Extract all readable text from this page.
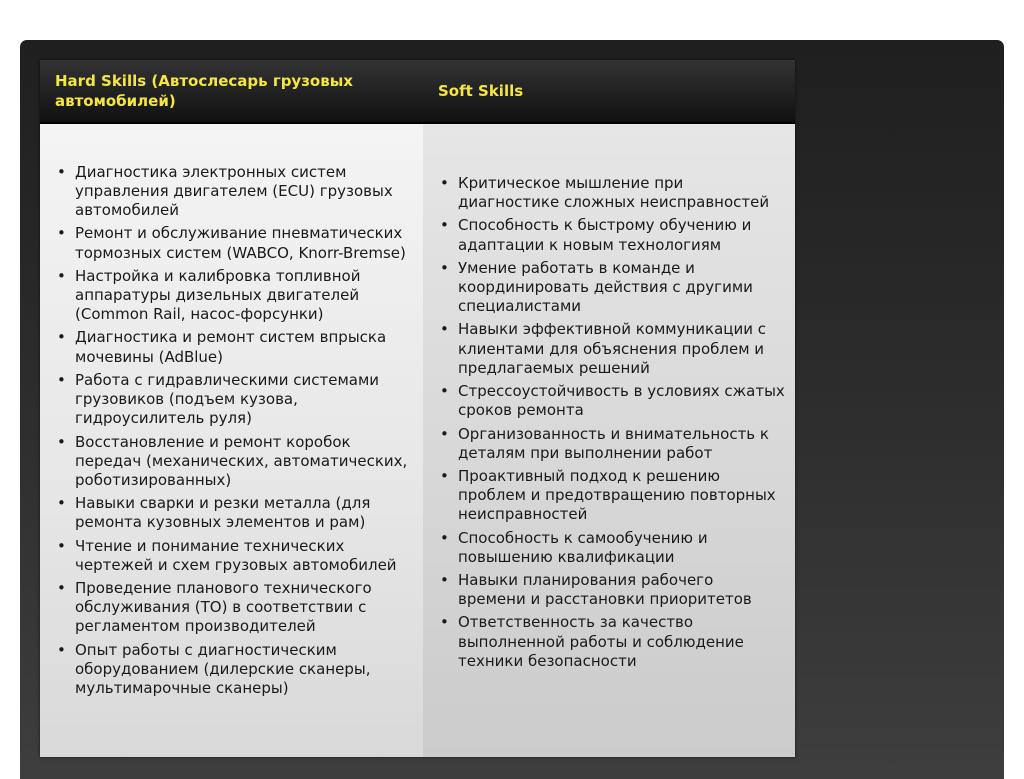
Hard Skills (Автослесарь грузовых автомобилей)
Soft Skills
• Диагностика электронных систем управления двигателем (ECU) грузовых автомобилей
• Ремонт и обслуживание пневматических тормозных систем (WABCO, Knorr-Bremse)
• Настройка и калибровка топливной аппаратуры дизельных двигателей (Common Rail, насос-форсунки)
• Диагностика и ремонт систем впрыска мочевины (AdBlue)
• Работа с гидравлическими системами грузовиков (подъем кузова, гидроусилитель руля)
• Восстановление и ремонт коробок передач (механических, автоматических, роботизированных)
• Навыки сварки и резки металла (для ремонта кузовных элементов и рам)
• Чтение и понимание технических чертежей и схем грузовых автомобилей
• Проведение планового технического обслуживания (ТО) в соответствии с регламентом производителей
• Опыт работы с диагностическим оборудованием (дилерские сканеры, мультимарочные сканеры)
• Критическое мышление при диагностике сложных неисправностей
• Способность к быстрому обучению и адаптации к новым технологиям
• Умение работать в команде и координировать действия с другими специалистами
• Навыки эффективной коммуникации с клиентами для объяснения проблем и предлагаемых решений
• Стрессоустойчивость в условиях сжатых сроков ремонта
• Организованность и внимательность к деталям при выполнении работ
• Проактивный подход к решению проблем и предотвращению повторных неисправностей
• Способность к самообучению и повышению квалификации
• Навыки планирования рабочего времени и расстановки приоритетов
• Ответственность за качество выполненной работы и соблюдение техники безопасности
